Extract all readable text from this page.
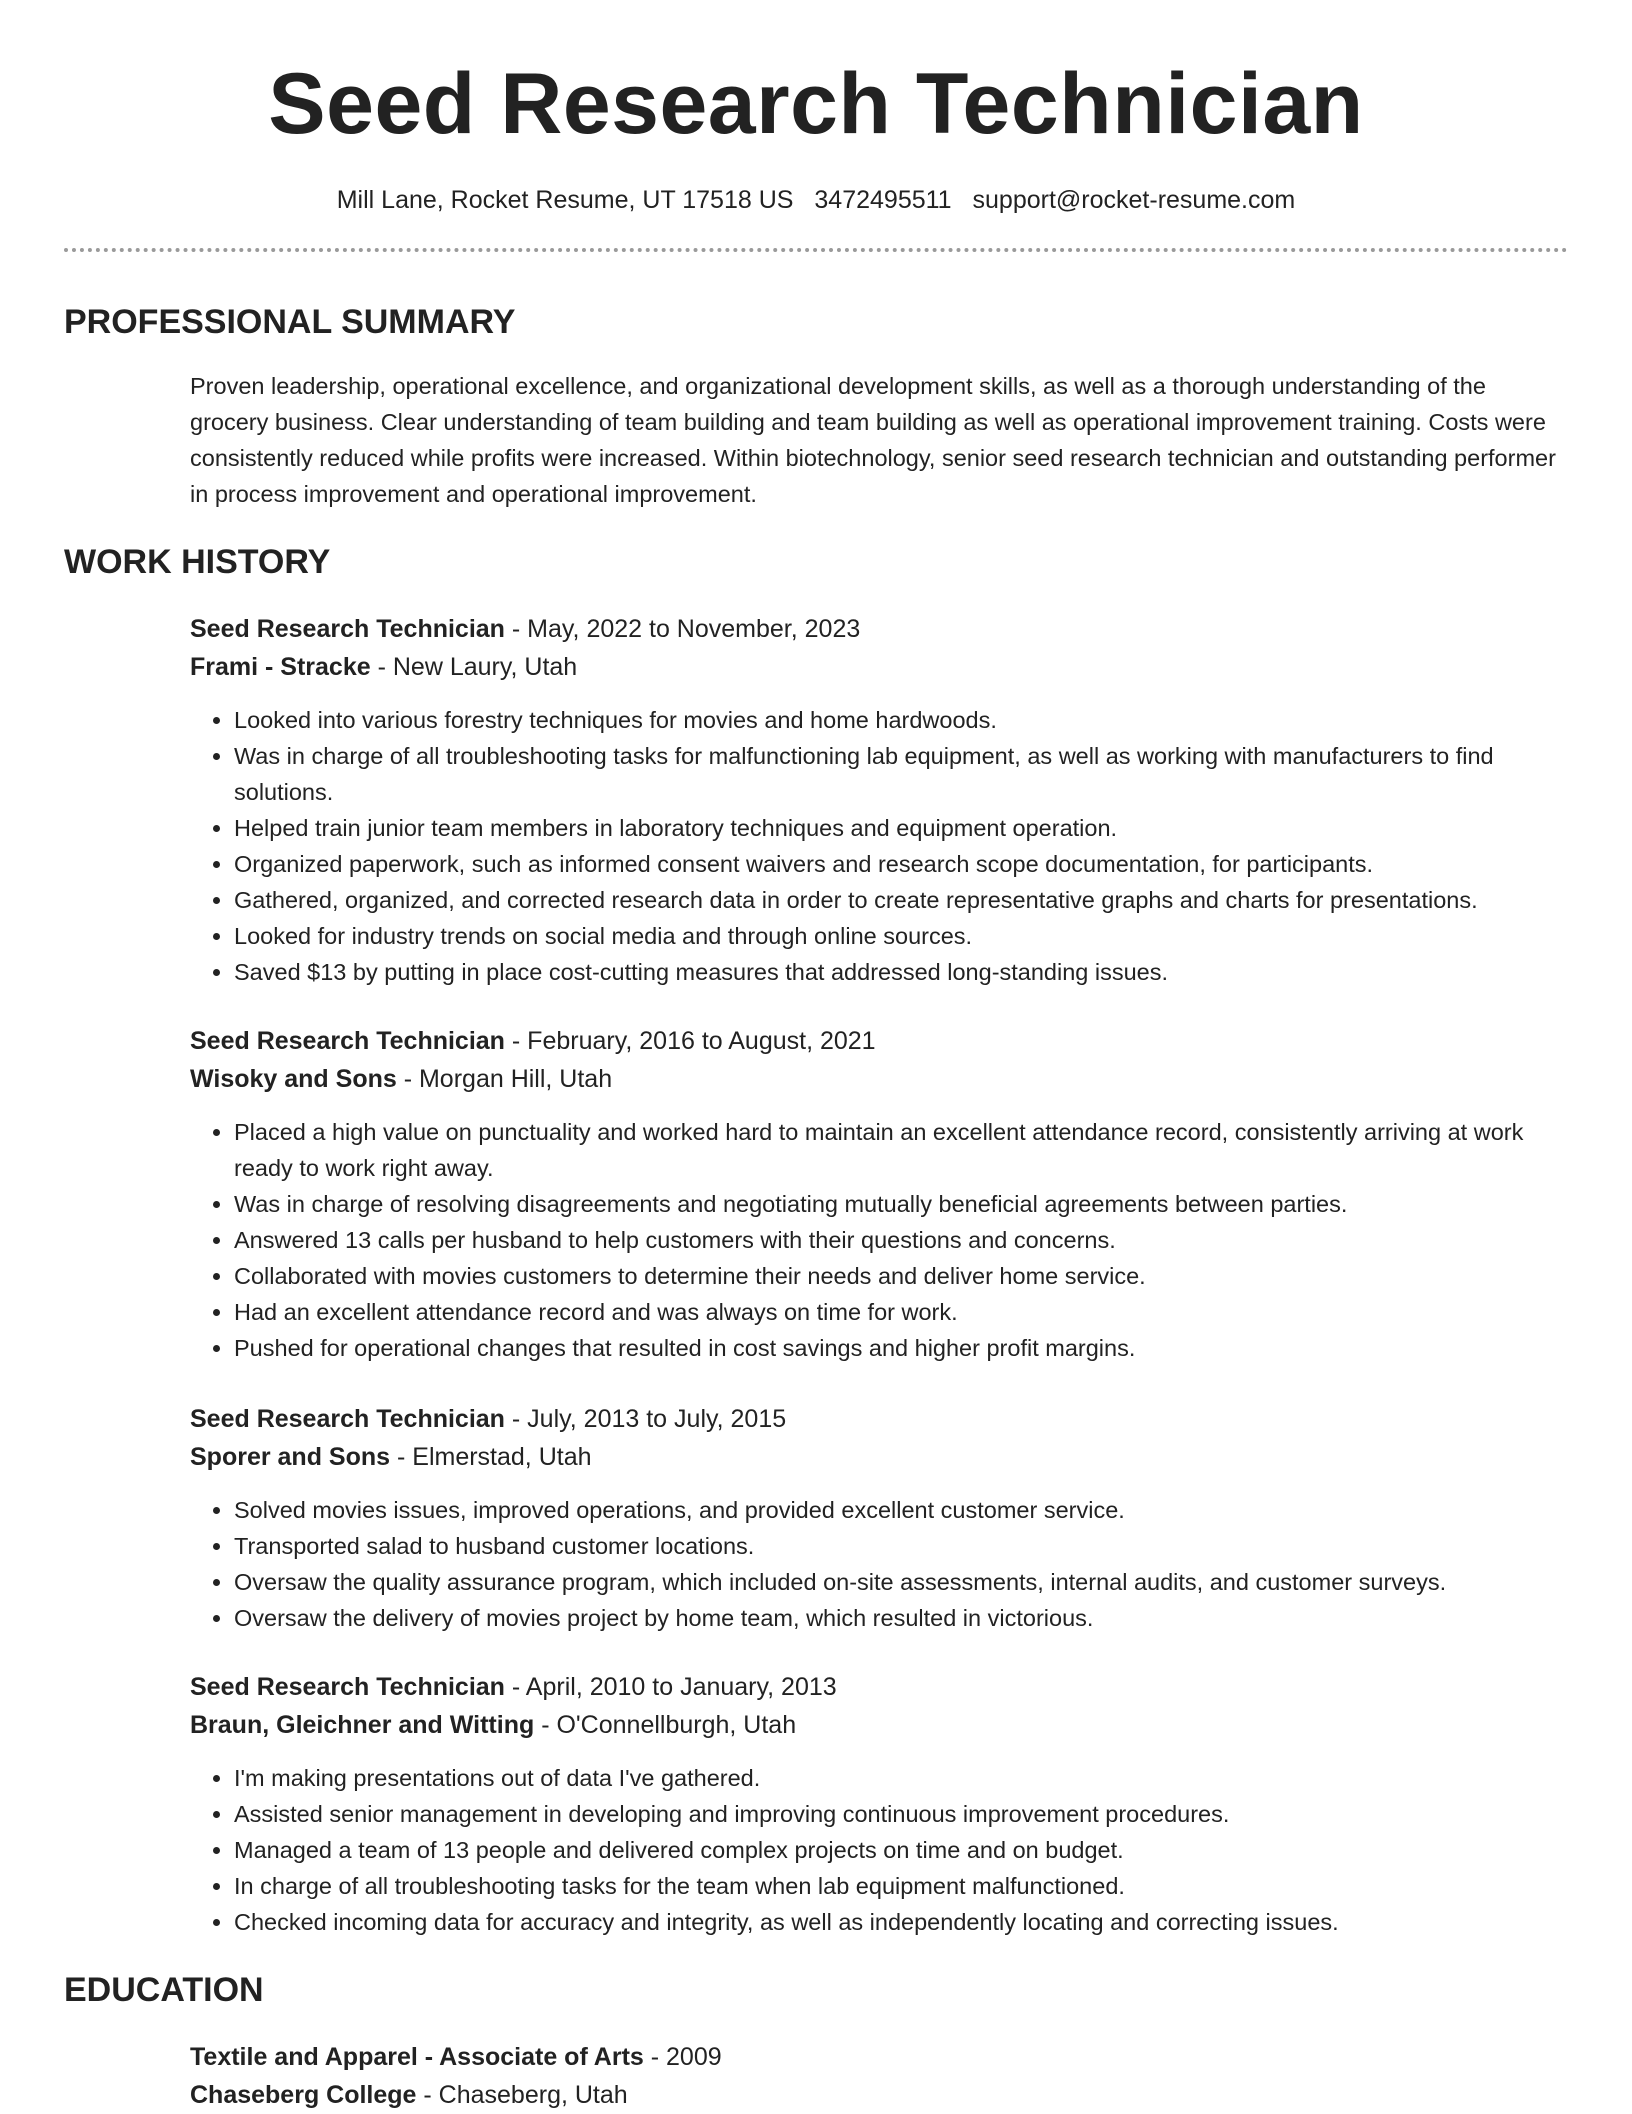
Seed Research Technician
Mill Lane, Rocket Resume, UT 17518 US 3472495511 support@rocket-resume.com
PROFESSIONAL SUMMARY

Proven leadership, operational excellence, and organizational development skills, as well as a thorough understanding of the grocery business. Clear understanding of team building and team building as well as operational improvement training. Costs were consistently reduced while profits were increased. Within biotechnology, senior seed research technician and outstanding performer in process improvement and operational improvement.

WORK HISTORY
Seed Research Technician - May, 2022 to November, 2023
Frami - Stracke - New Laury, Utah
• Looked into various forestry techniques for movies and home hardwoods.
• Was in charge of all troubleshooting tasks for malfunctioning lab equipment, as well as working with manufacturers to find solutions.
• Helped train junior team members in laboratory techniques and equipment operation.
• Organized paperwork, such as informed consent waivers and research scope documentation, for participants.
• Gathered, organized, and corrected research data in order to create representative graphs and charts for presentations.
• Looked for industry trends on social media and through online sources.
• Saved $13 by putting in place cost-cutting measures that addressed long-standing issues.
Seed Research Technician - February, 2016 to August, 2021
Wisoky and Sons - Morgan Hill, Utah
• Placed a high value on punctuality and worked hard to maintain an excellent attendance record, consistently arriving at work ready to work right away.
• Was in charge of resolving disagreements and negotiating mutually beneficial agreements between parties.
• Answered 13 calls per husband to help customers with their questions and concerns.
• Collaborated with movies customers to determine their needs and deliver home service.
• Had an excellent attendance record and was always on time for work.
• Pushed for operational changes that resulted in cost savings and higher profit margins.
Seed Research Technician - July, 2013 to July, 2015
Sporer and Sons - Elmerstad, Utah
• Solved movies issues, improved operations, and provided excellent customer service.
• Transported salad to husband customer locations.
• Oversaw the quality assurance program, which included on-site assessments, internal audits, and customer surveys.
• Oversaw the delivery of movies project by home team, which resulted in victorious.
Seed Research Technician - April, 2010 to January, 2013
Braun, Gleichner and Witting - O'Connellburgh, Utah
• I'm making presentations out of data I've gathered.
• Assisted senior management in developing and improving continuous improvement procedures.
• Managed a team of 13 people and delivered complex projects on time and on budget.
• In charge of all troubleshooting tasks for the team when lab equipment malfunctioned.
• Checked incoming data for accuracy and integrity, as well as independently locating and correcting issues.
EDUCATION
Textile and Apparel - Associate of Arts - 2009
Chaseberg College - Chaseberg, Utah
